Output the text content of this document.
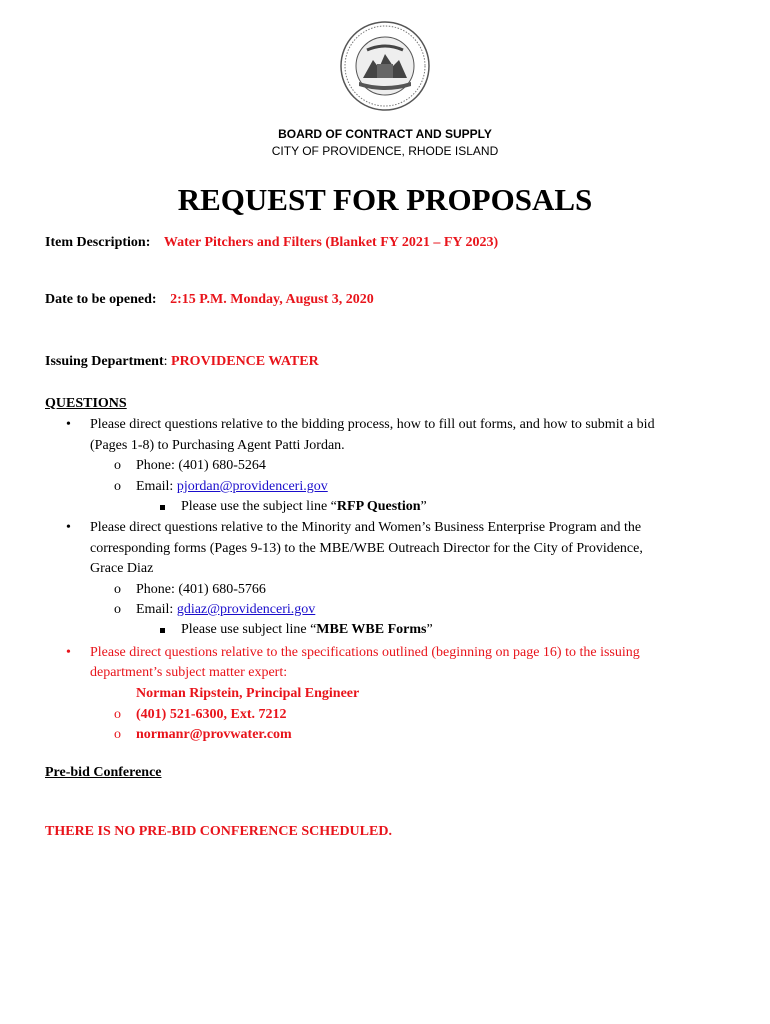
BOARD OF CONTRACT AND SUPPLY
CITY OF PROVIDENCE, RHODE ISLAND
REQUEST FOR PROPOSALS
Item Description: Water Pitchers and Filters (Blanket FY 2021 – FY 2023)
Date to be opened: 2:15 P.M. Monday, August 3, 2020
Issuing Department: PROVIDENCE WATER
QUESTIONS
• Please direct questions relative to the bidding process, how to fill out forms, and how to submit a bid
(Pages 1-8) to Purchasing Agent Patti Jordan.
o Phone: (401) 680-5264
o Email: pjordan@providenceri.gov
Please use the subject line “RFP Question”
• Please direct questions relative to the Minority and Women’s Business Enterprise Program and the
corresponding forms (Pages 9-13) to the MBE/WBE Outreach Director for the City of Providence,
Grace Diaz
o Phone: (401) 680-5766
o Email: gdiaz@providenceri.gov
Please use subject line “MBE WBE Forms”
• Please direct questions relative to the specifications outlined (beginning on page 16) to the issuing
department’s subject matter expert:
Norman Ripstein, Principal Engineer
o (401) 521-6300, Ext. 7212
o normanr@provwater.com
Pre-bid Conference
THERE IS NO PRE-BID CONFERENCE SCHEDULED.
